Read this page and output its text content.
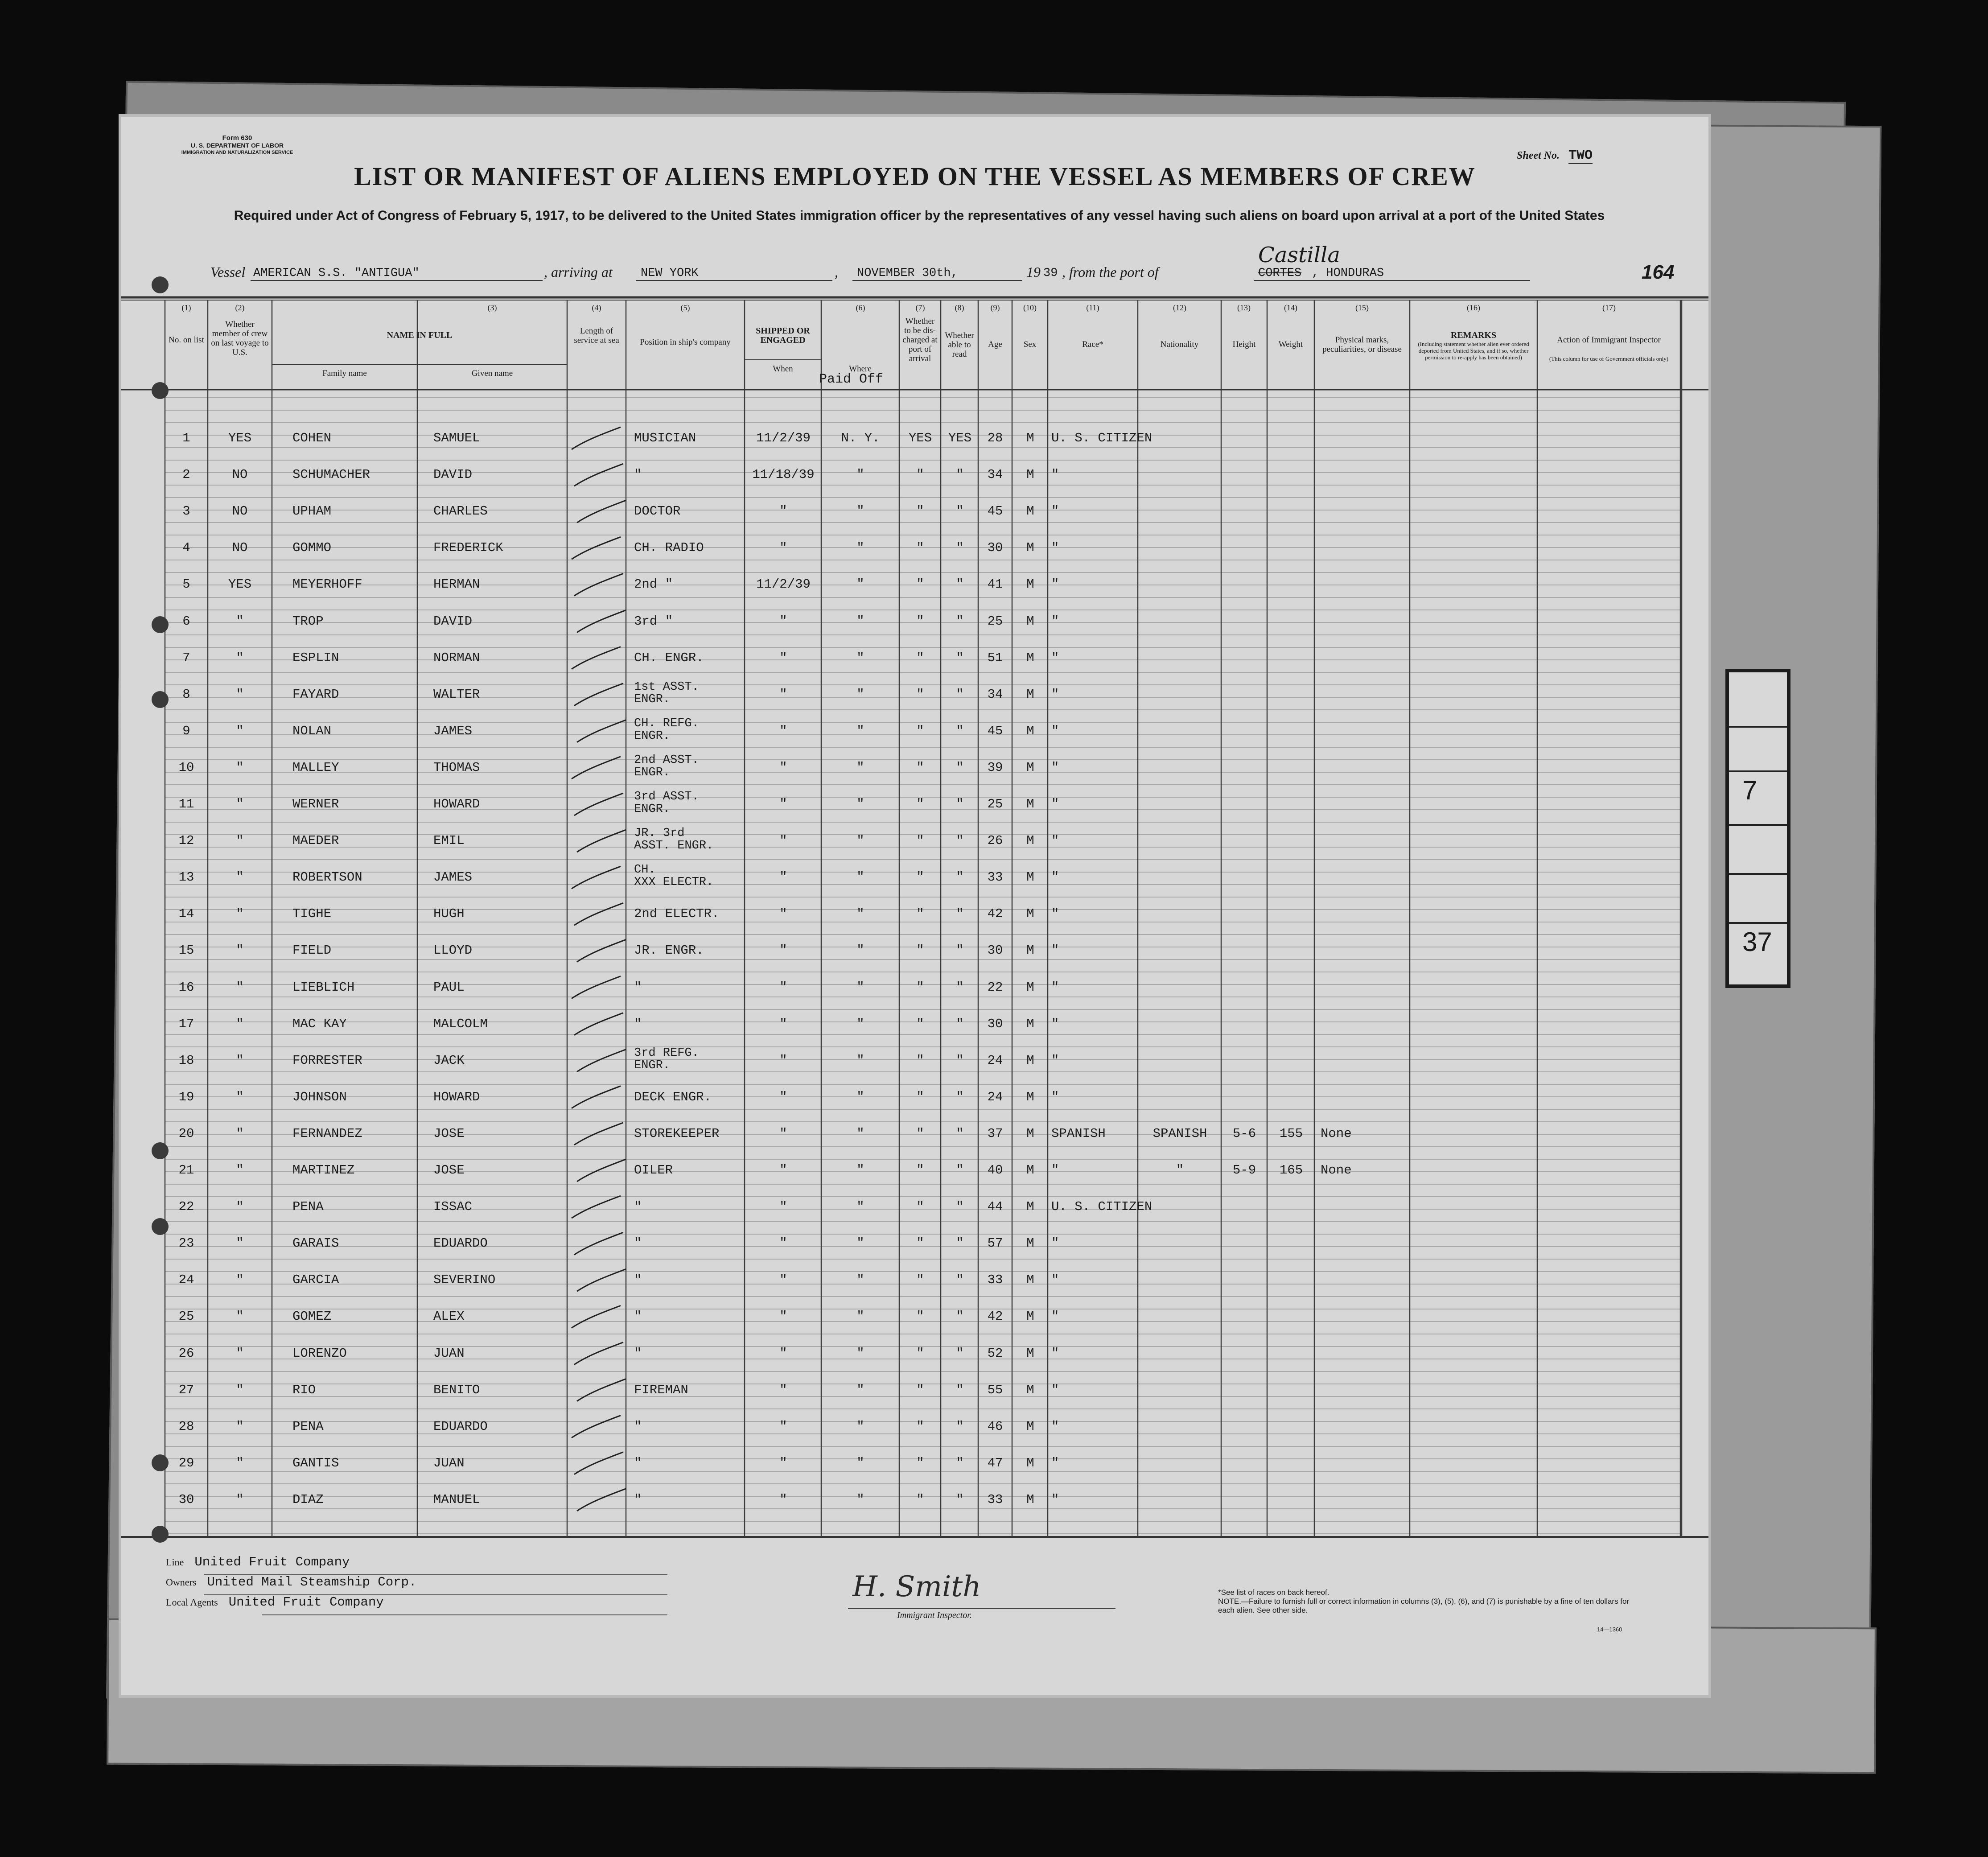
7
37
Form 630
U. S. DEPARTMENT OF LABOR
IMMIGRATION AND NATURALIZATION SERVICE	Sheet No. TWO
LIST OR MANIFEST OF ALIENS EMPLOYED ON THE VESSEL AS MEMBERS OF CREW
Required under Act of Congress of February 5, 1917, to be delivered to the United States immigration officer by the representatives of any vessel having such aliens on board upon arrival at a port of the United States
Vessel AMERICAN S.S. "ANTIGUA"	, arriving at NEW YORK	, NOVEMBER 30th,	19 39 , from the port of
Castilla
CORTES , HONDURAS	164
No. on list
Whether member of crew on last voyage to U.S.
NAME IN FULL
Family name	Given name
Length of service at sea	Position in ship's company
SHIPPED OR ENGAGED
When	Where
Whether to be dis-charged at port of arrival
Whether able to read
Age	Sex	Race*	Nationality	Height	Weight	Physical marks, peculiarities, or disease
REMARKS
(Including statement whether alien ever ordered deported from United States, and if so, whether permission to re-apply has been obtained)
Action of Immigrant Inspector
(This column for use of Government officials only)
(1)	(2)	(3)	(4)	(5)	(6)	(7)	(8)	(9)	(10)	(11)	(12)	(13)	(14)	(15)	(16)	(17)
Paid Off
1	YES	COHEN	SAMUEL	MUSICIAN	11/2/39	N. Y.	YES	YES	28	M	U. S. CITIZEN
2	NO	SCHUMACHER	DAVID	"	11/18/39	"	"	"	34	M	"
3	NO	UPHAM	CHARLES	DOCTOR	"	"	"	"	45	M	"
4	NO	GOMMO	FREDERICK	CH. RADIO	"	"	"	"	30	M	"
5	YES	MEYERHOFF	HERMAN	2nd "	11/2/39	"	"	"	41	M	"
6	"	TROP	DAVID	3rd "	"	"	"	"	25	M	"
7	"	ESPLIN	NORMAN	CH. ENGR.	"	"	"	"	51	M	"
8	"	FAYARD	WALTER	1st ASST.
ENGR.	"	"	"	"	34	M	"
9	"	NOLAN	JAMES	CH. REFG.
ENGR.	"	"	"	"	45	M	"
10	"	MALLEY	THOMAS	2nd ASST.
ENGR.	"	"	"	"	39	M	"
11	"	WERNER	HOWARD	3rd ASST.
ENGR.	"	"	"	"	25	M	"
12	"	MAEDER	EMIL	JR. 3rd
ASST. ENGR.	"	"	"	"	26	M	"
13	"	ROBERTSON	JAMES	CH.
XXX ELECTR.	"	"	"	"	33	M	"
14	"	TIGHE	HUGH	2nd ELECTR.	"	"	"	"	42	M	"
15	"	FIELD	LLOYD	JR. ENGR.	"	"	"	"	30	M	"
16	"	LIEBLICH	PAUL	"	"	"	"	"	22	M	"
17	"	MAC KAY	MALCOLM	"	"	"	"	"	30	M	"
18	"	FORRESTER	JACK	3rd REFG.
ENGR.	"	"	"	"	24	M	"
19	"	JOHNSON	HOWARD	DECK ENGR.	"	"	"	"	24	M	"
20	"	FERNANDEZ	JOSE	STOREKEEPER	"	"	"	"	37	M	SPANISH	SPANISH	5-6	155	None
21	"	MARTINEZ	JOSE	OILER	"	"	"	"	40	M	"	"	5-9	165	None
22	"	PENA	ISSAC	"	"	"	"	"	44	M	U. S. CITIZEN
23	"	GARAIS	EDUARDO	"	"	"	"	"	57	M	"
24	"	GARCIA	SEVERINO	"	"	"	"	"	33	M	"
25	"	GOMEZ	ALEX	"	"	"	"	"	42	M	"
26	"	LORENZO	JUAN	"	"	"	"	"	52	M	"
27	"	RIO	BENITO	FIREMAN	"	"	"	"	55	M	"
28	"	PENA	EDUARDO	"	"	"	"	"	46	M	"
29	"	GANTIS	JUAN	"	"	"	"	"	47	M	"
30	"	DIAZ	MANUEL	"	"	"	"	"	33	M	"
Line United Fruit Company
Owners United Mail Steamship Corp.
Local Agents United Fruit Company	H. Smith
Immigrant Inspector.
*See list of races on back hereof.
NOTE.—Failure to furnish full or correct information in columns (3), (5), (6), and (7) is punishable by a fine of ten dollars for each alien. See other side.
14—1360
